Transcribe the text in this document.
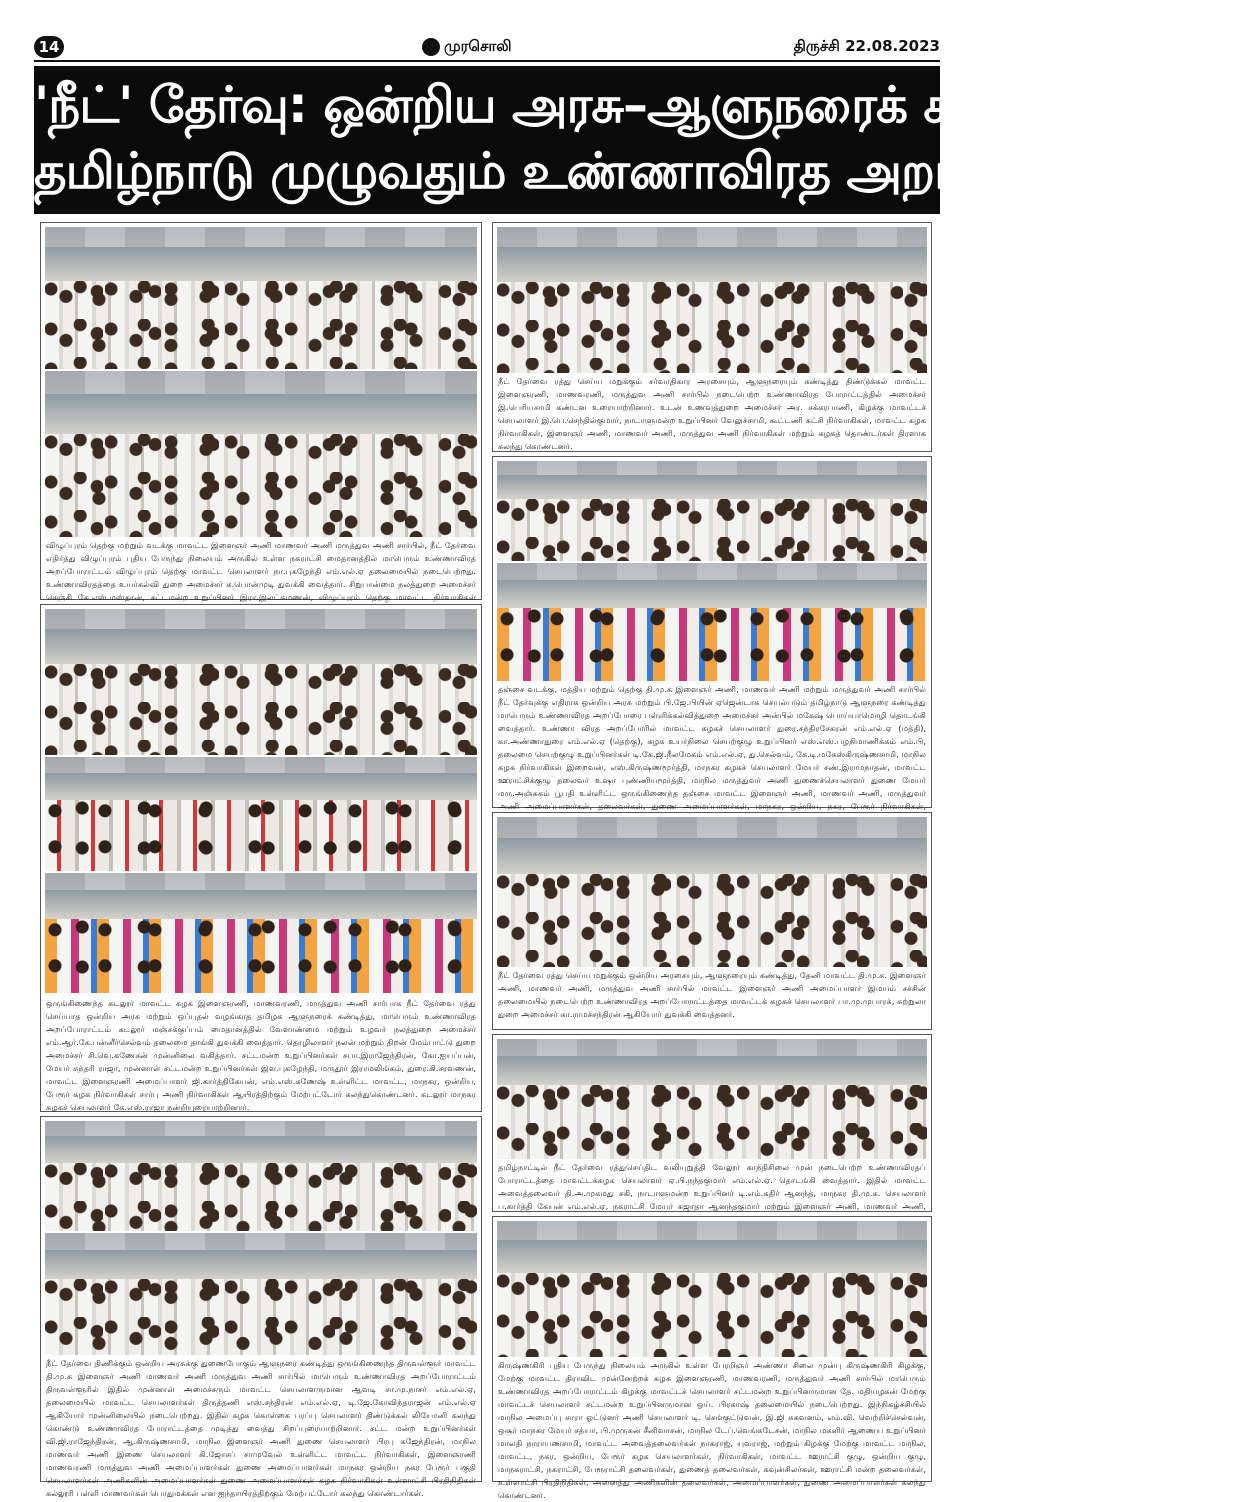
14	முரசொலி	திருச்சி 22.08.2023
'நீட்' தேர்வு: ஒன்றிய அரசு–ஆளுநரைக் கண்டித்து
தமிழ்நாடு முழுவதும் உண்ணாவிரத அறப்போராட்டம்!
விழுப்புரம் தெற்கு மற்றும் வடக்கு மாவட்ட இளைஞர் அணி மாணவர் அணி மருத்துவ அணி சார்பில், நீட் தேர்வை எதிர்த்து விழுப்புரம் புதிய பேருந்து நிலையம் அருகில் உள்ள நகராட்சி மைதானத்தில் மாபெரும் உண்ணாவிரத அறப்போராட்டம் விழுப்புரம் தெற்கு மாவட்ட செயலாளர் நா.புகழேந்தி எம்.எல்.ஏ தலைமையில் நடைபெற்றது. உண்ணாவிரதத்தை உயர்கல்வி துறை அமைச்சர் க.பொன்முடி துவக்கி வைத்தார். சிறுபான்மை நலத்துறை அமைச்சர் செஞ்சி கே.எஸ்.மஸ்தான், சட்டமன்ற உறுப்பினர் இரா.இலட்சுமணன், விழுப்புரம் தெற்கு மாவட்ட நிர்வாகிகள்
ஒருங்கிணைந்த கடலூர் மாவட்ட கழக இளைஞரணி, மாணவரணி, மருத்துவ அணி சார்பாக நீட் தேர்வை ரத்து செய்யாத ஒன்றிய அரசு மற்றும் ஒப்புதல் வழங்காத தமிழக ஆளுநரைக் கண்டித்து, மாபெரும் உண்ணாவிரத அறப்போராட்டம் கடலூர் மஞ்சக்குப்பம் மைதானத்தில் வேளாண்மை மற்றும் உழவர் நலத்துறை அமைச்சர் எம்.ஆர்.கே.பன்னீர்செல்வம் தலைமை தாங்கி துவக்கி வைத்தார். தொழிலாளர் நலன் மற்றும் திறன் மேம்பாட்டு துறை அமைச்சர் சி.வெ.கணேசன் முன்னிலை வகித்தார். சட்டமன்ற உறுப்பினர்கள் சபா.இராஜேந்திரன், கோ.ஐயப்பன், மேயர் சுந்தரி ராஜா, முன்னாள் சட்டமன்ற உறுப்பினர்கள் இள.புகழேந்தி, மருதூர் இராமலிங்கம், துரை.கி.சரவணன், மாவட்ட இளைஞரணி அமைப்பாளர் ஜி.கார்த்திகேயன், எம்.எஸ்.கணேஷ் உள்ளிட்ட மாவட்ட, மாநகர, ஒன்றிய, பேரூர் கழக நிர்வாகிகள் சார்பு அணி நிர்வாகிகள் ஆயிரத்திற்கும் மேற்பட்டோர் கலந்துகொண்டனர். கடலூர் மாநகர கழகச் செயலாளர் கே.எஸ்.ராஜா நன்றியுரையாற்றினார்.
நீட் தேர்வை திணிக்கும் ஒன்றிய அரசுக்கு துணைபோகும் ஆளுநரை கண்டித்து ஒருங்கிணைந்த திருவள்ளூர் மாவட்ட தி.மு.க இளைஞர் அணி மாணவர் அணி மருத்துவ அணி சார்பில் மாபெரும் உண்ணாவிரத அறப்போராட்டம் திருவள்ளூரில் இதில் முன்னாள் அமைச்சரும் மாவட்ட செயலாளருமான ஆவடி சா.மு.நாசர் எம்.எல்.ஏ, தலைமையில் மாவட்ட செயலாளர்கள் திருத்தணி எஸ்.சந்திரன் எம்.எல்.ஏ, டி.ஜே.கோவிந்தராஜன் எம்.எல்.ஏ ஆகியோர் முன்னிலையில் நடைபெற்றது. இதில் கழக கொள்கை பரப்பு செயலாளர் திண்டுக்கல் லியோனி கலந்து கொண்டு உண்ணாவிரத போராட்டத்தை முடித்து வைத்து சிறப்புரையாற்றினார். சட்ட மன்ற உறுப்பினர்கள் வி.ஜி.ராஜேந்திரன், ஆ.கிருஷ்ணசாமி, மாநில இளைஞர் அணி துணை செயலாளர் பிரபு கஜேந்திரன், மாநில மாணவர் அணி இணை செயலாளர் கி.ஜோசப் சாமுவேல் உள்ளிட்ட மாவட்ட நிர்வாகிகள், இளைஞரணி மாணவரணி மருத்துவ அணி அமைப்பாளர்கள் துணை அமைப்பாளர்கள் மாநகர ஒன்றிய நகர பேரூர் பகுதி செயலாளர்கள் அணிகளின் அமைப்பாளர்கள் துணை அமைப்பாளர்கள் கழக நிர்வாகிகள் உள்ளாட்சி பிரதிநிதிகள் கல்லூரி பள்ளி மாணவர்கள் பொதுமக்கள் என ஐந்தாயிரத்திற்கும் மேற்பட்டோர் கலந்து கொண்டார்கள்.
நீட் தேர்வை ரத்து செய்ய மறுக்கும் சர்வாதிகார அரசையும், ஆளுநரையும் கண்டித்து திண்டுக்கல் மாவட்ட இளைஞரணி, மாணவரணி, மருத்துவ அணி சார்பில் நடைபெற்ற உண்ணாவிரத போராட்டத்தில் அமைச்சர் இ.பெரியசாமி கண்டன உரையாற்றினார். உடன் உணவுத்துறை அமைச்சர் அர. சக்கரபாணி, கிழக்கு மாவட்டச் செயலாளர் இ.பெ.செந்தில்குமார், நாடாளுமன்ற உறுப்பினர் வேலுச்சாமி, கூட்டணி கட்சி நிர்வாகிகள், மாவட்ட கழக நிர்வாகிகள், இளைஞர் அணி, மாணவர் அணி, மருத்துவ அணி நிர்வாகிகள் மற்றும் கழகத் தொண்டர்கள் திரளாக கலந்து கொண்டனர்.
தஞ்சை வடக்கு, மத்திய மற்றும் தெற்கு தி.மு.க இளைஞர் அணி, மாணவர் அணி மற்றும் மருத்துவர் அணி சார்பில் நீட் தேர்வுக்கு எதிராக ஒன்றிய அரசு மற்றும் பி.ஜே.பியின் ஏஜென்டாக செயல்படும் தமிழ்நாடு ஆளுநரை கண்டித்து மாபெரும் உண்ணாவிரத அறப்போரை பள்ளிக்கல்வித்துறை அமைச்சர் அன்பில் மகேஷ் பொய்யாமொழி தொடங்கி வைத்தார். உண்ணா விரத அறப்போரில் மாவட்ட கழகச் செயலாளர் துரை.சந்திரசேகரன் எம்.எல்.ஏ (மத்தி), கா.அண்ணாதுரை எம்.எல்.ஏ (தெற்கு), கழக உயர்நிலை செயற்குழு உறுப்பினர் எஸ்.எஸ்.பழநிமாணிக்கம் எம்.பி, தலைமை செயற்குழு உறுப்பினர்கள் டி.கே.ஜி.நீலமேகம் எம்.எல்.ஏ, து.செல்வம், கே.டி.மகேஸ்கிருஷ்ணசாமி, மாநில கழக நிர்வாகிகள் இறைவன், எஸ்.கிருஷ்ணமூர்த்தி, மாநகர கழகச் செயலாளர் மேயர் சண்.இராமநாதன், மாவட்ட ஊராட்சிக்குழு தலைவர் உஷா புண்ணியமூர்த்தி, மாநில மருத்துவர் அணி துணைச்செயலாளர் துணை மேயர் மரு.அஞ்சுகம் பூபதி உள்ளிட்ட ஒருங்கிணைந்த தஞ்சை மாவட்ட இளைஞர் அணி, மாணவர் அணி, மருத்துவர் அணி அமைப்பாளர்கள், தலைவர்கள், துணை அமைப்பாளர்கள், மாநகர, ஒன்றிய, நகர, பேரூர் நிர்வாகிகள்,
நீட் தேர்வை ரத்து செய்ய மறுக்கும் ஒன்றிய அரசையும், ஆளுநரையும் கண்டித்து, தேனி மாவட்ட தி.மு.க. இளைஞர் அணி, மாணவர் அணி, மருத்துவ அணி சார்பில் மாவட்ட இளைஞர் அணி அமைப்பாளர் இமயம் சச்சின் தலைமையில் நடைபெற்ற உண்ணாவிரத அறப்போராட்டத்தை மாவட்டக் கழகச் செயலாளர் பா.மு.முபாரக், சுற்றுலா துறை அமைச்சர் கா.ராமச்சந்திரன் ஆகியோர் துவக்கி வைத்தனர்.
தமிழ்நாட்டில் நீட் தேர்வை ரத்துசெய்திட வலியுறுத்தி வேலூர் காந்திசிலை முன் நடைபெற்ற உண்ணாவிரதப் போராட்டத்தை மாவட்டக்கழக செயலாளர் ஏ.பி.நந்தகுமார் எம்.எல்.ஏ. தொடங்கி வைத்தார். இதில் மாவட்ட அவைத்தலைவர் தி.அ.முகமது சகி, நாடாளுமன்ற உறுப்பினர் டி.எம்.கதிர் ஆனந்த், மாநகர தி.மு.க. செயலாளர் ப.கார்த்தி கேயன் எம்.எல்.ஏ, நகராட்சி மேயர் சுஜாதா ஆனந்தகுமார் மற்றும் இளைஞர் அணி, மாணவர் அணி,
கிருஷ்ணகிரி புதிய பேருந்து நிலையம் அருகில் உள்ள பேரறிஞர் அண்ணா சிலை முன்பு கிருஷ்ணகிரி கிழக்கு, மேற்கு மாவட்ட திராவிட முன்னேற்றக் கழக இளைஞரணி, மாணவரணி, மருத்துவர் அணி சார்பில் மாபெரும் உண்ணாவிரத அறப்போராட்டம் கிழக்கு மாவட்டச் செயலாளர் சட்டமன்ற உறுப்பினருமான தே. மதியழகன் மேற்கு மாவட்டச் செயலாளர் சட்டமன்ற உறுப்பினருமான ஒய். பிரகாஷ் தலைமையில் நடைபெற்றது. இந்நிகழ்ச்சியில் மாநில அமைப்பு சாரா ஓட்டுனர் அணி செயலாளர் டி. செங்குட்டுவன், இ.ஜி சுகவனம், எம்.வி. வெற்றிச்செல்வன், ஒசூர் மாநகர மேயர் சத்யா, பி.முருகன் சீனிவாசன், மாநில டேப்.வெங்கடேசன், மாநில மகளிர் ஆணைய உறுப்பினர் மாலதி நாராயணசாமி, மாவட்ட அவைத்தலைவர்கள் நாகராஜ், யுவராஜ், மற்றும் கிழக்கு மேற்கு மாவட்ட மாநில, மாவட்ட, நகர, ஒன்றிய, பேரூர் கழக செயலாளர்கள், நிர்வாகிகள், மாவட்ட ஊராட்சி குழு, ஒன்றிய குழு, மாநகராட்சி, நகராட்சி, பேரூராட்சி தலைவர்கள், துணைத் தலைவர்கள், கவுன்சிலர்கள், ஊராட்சி மன்ற தலைவர்கள், உள்ளாட்சி பிரதிநிதிகள், அனைத்து அணிகளின் தலைவர்கள், அமைப்பாளர்கள், துணை அமைப்பாளர்கள் கலந்து கொண்டனர்.
